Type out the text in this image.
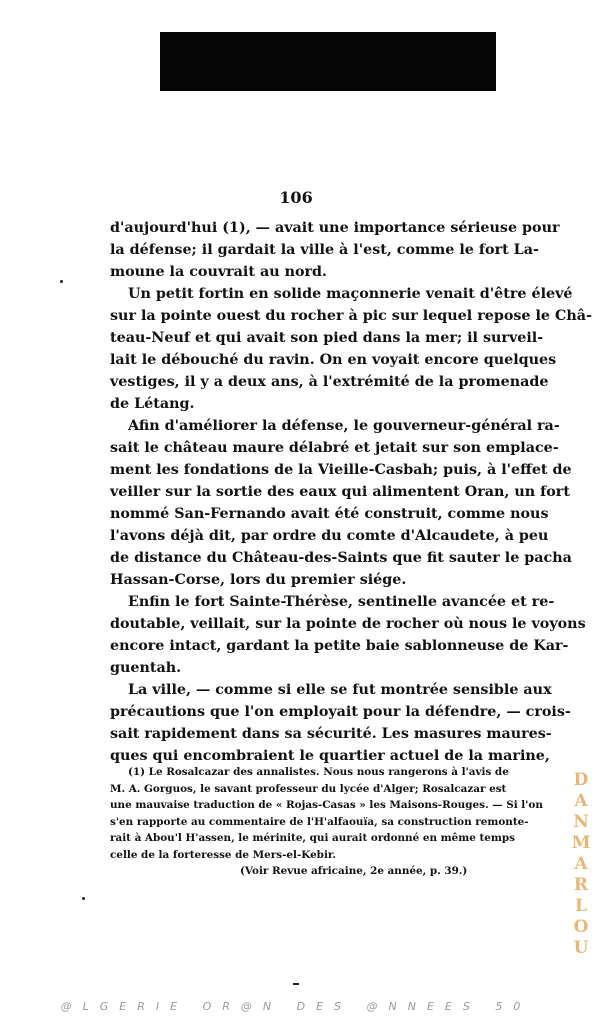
106
d'aujourd'hui (1), — avait une importance sérieuse pour
la défense; il gardait la ville à l'est, comme le fort La-
moune la couvrait au nord.
Un petit fortin en solide maçonnerie venait d'être élevé
sur la pointe ouest du rocher à pic sur lequel repose le Châ-
teau-Neuf et qui avait son pied dans la mer; il surveil-
lait le débouché du ravin. On en voyait encore quelques
vestiges, il y a deux ans, à l'extrémité de la promenade
de Létang.
Afin d'améliorer la défense, le gouverneur-général ra-
sait le château maure délabré et jetait sur son emplace-
ment les fondations de la Vieille-Casbah; puis, à l'effet de
veiller sur la sortie des eaux qui alimentent Oran, un fort
nommé San-Fernando avait été construit, comme nous
l'avons déjà dit, par ordre du comte d'Alcaudete, à peu
de distance du Château-des-Saints que fit sauter le pacha
Hassan-Corse, lors du premier siége.
Enfin le fort Sainte-Thérèse, sentinelle avancée et re-
doutable, veillait, sur la pointe de rocher où nous le voyons
encore intact, gardant la petite baie sablonneuse de Kar-
guentah.
La ville, — comme si elle se fut montrée sensible aux
précautions que l'on employait pour la défendre, — crois-
sait rapidement dans sa sécurité. Les masures maures-
ques qui encombraient le quartier actuel de la marine,
(1) Le Rosalcazar des annalistes. Nous nous rangerons à l'avis de
M. A. Gorguos, le savant professeur du lycée d'Alger; Rosalcazar est
une mauvaise traduction de « Rojas-Casas » les Maisons-Rouges. — Si l'on
s'en rapporte au commentaire de l'H'alfaouïa, sa construction remonte-
rait à Abou'l H'assen, le mérinite, qui aurait ordonné en même temps
celle de la forteresse de Mers-el-Kebir.
(Voir Revue africaine, 2e année, p. 39.)
D
A
N
M
A
R
L
O
U
@LGERIE OR@N DES @NNEES 50
